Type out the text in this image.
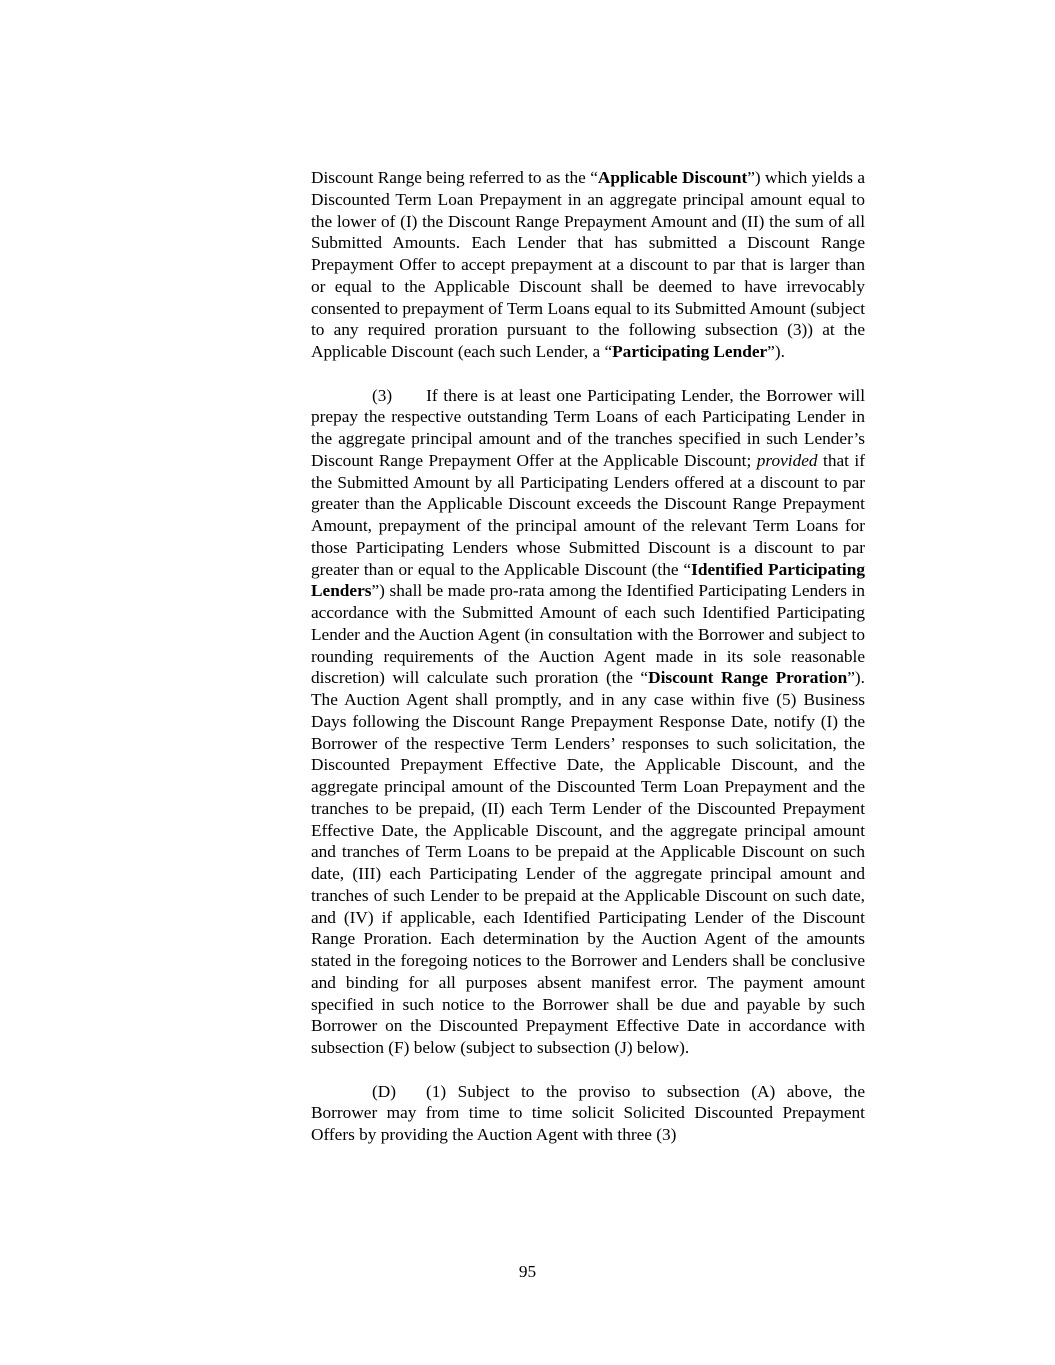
Discount Range being referred to as the “Applicable Discount”) which yields a Discounted Term Loan Prepayment in an aggregate principal amount equal to the lower of (I) the Discount Range Prepayment Amount and (II) the sum of all Submitted Amounts. Each Lender that has submitted a Discount Range Prepayment Offer to accept prepayment at a discount to par that is larger than or equal to the Applicable Discount shall be deemed to have irrevocably consented to prepayment of Term Loans equal to its Submitted Amount (subject to any required proration pursuant to the following subsection (3)) at the Applicable Discount (each such Lender, a “Participating Lender”).

(3) If there is at least one Participating Lender, the Borrower will prepay the respective outstanding Term Loans of each Participating Lender in the aggregate principal amount and of the tranches specified in such Lender’s Discount Range Prepayment Offer at the Applicable Discount; provided that if the Submitted Amount by all Participating Lenders offered at a discount to par greater than the Applicable Discount exceeds the Discount Range Prepayment Amount, prepayment of the principal amount of the relevant Term Loans for those Participating Lenders whose Submitted Discount is a discount to par greater than or equal to the Applicable Discount (the “Identified Participating Lenders”) shall be made pro-rata among the Identified Participating Lenders in accordance with the Submitted Amount of each such Identified Participating Lender and the Auction Agent (in consultation with the Borrower and subject to rounding requirements of the Auction Agent made in its sole reasonable discretion) will calculate such proration (the “Discount Range Proration”). The Auction Agent shall promptly, and in any case within five (5) Business Days following the Discount Range Prepayment Response Date, notify (I) the Borrower of the respective Term Lenders’ responses to such solicitation, the Discounted Prepayment Effective Date, the Applicable Discount, and the aggregate principal amount of the Discounted Term Loan Prepayment and the tranches to be prepaid, (II) each Term Lender of the Discounted Prepayment Effective Date, the Applicable Discount, and the aggregate principal amount and tranches of Term Loans to be prepaid at the Applicable Discount on such date, (III) each Participating Lender of the aggregate principal amount and tranches of such Lender to be prepaid at the Applicable Discount on such date, and (IV) if applicable, each Identified Participating Lender of the Discount Range Proration. Each determination by the Auction Agent of the amounts stated in the foregoing notices to the Borrower and Lenders shall be conclusive and binding for all purposes absent manifest error. The payment amount specified in such notice to the Borrower shall be due and payable by such Borrower on the Discounted Prepayment Effective Date in accordance with subsection (F) below (subject to subsection (J) below).

(D) (1) Subject to the proviso to subsection (A) above, the Borrower may from time to time solicit Solicited Discounted Prepayment Offers by providing the Auction Agent with three (3)

95
